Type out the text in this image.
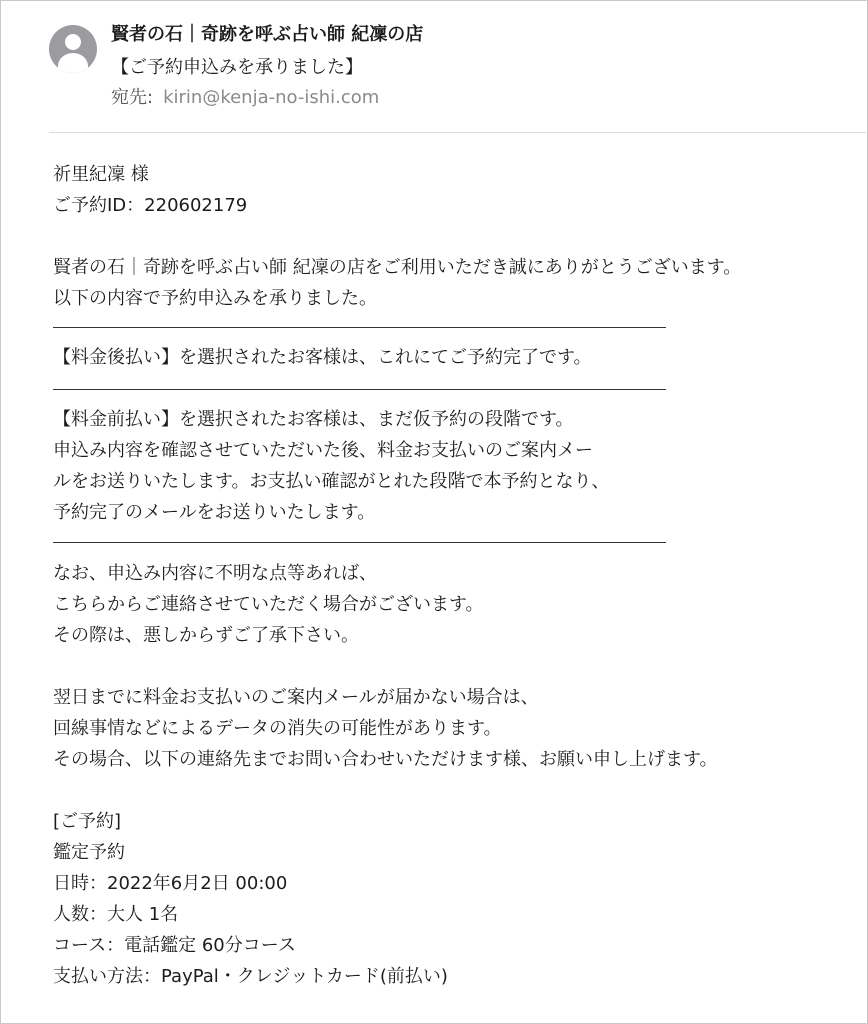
賢者の石｜奇跡を呼ぶ占い師 紀凜の店
【ご予約申込みを承りました】
宛先: kirin@kenja-no-ishi.com
祈里紀凜 様
ご予約ID：220602179
賢者の石｜奇跡を呼ぶ占い師 紀凜の店をご利用いただき誠にありがとうございます。
以下の内容で予約申込みを承りました。
【料金後払い】を選択されたお客様は、これにてご予約完了です。
【料金前払い】を選択されたお客様は、まだ仮予約の段階です。
申込み内容を確認させていただいた後、料金お支払いのご案内メー
ルをお送りいたします。お支払い確認がとれた段階で本予約となり、
予約完了のメールをお送りいたします。
なお、申込み内容に不明な点等あれば、
こちらからご連絡させていただく場合がございます。
その際は、悪しからずご了承下さい。
翌日までに料金お支払いのご案内メールが届かない場合は、
回線事情などによるデータの消失の可能性があります。
その場合、以下の連絡先までお問い合わせいただけます様、お願い申し上げます。
[ご予約]
鑑定予約
日時：2022年6月2日 00:00
人数：大人 1名
コース：電話鑑定 60分コース
支払い方法：PayPal・クレジットカード(前払い)
